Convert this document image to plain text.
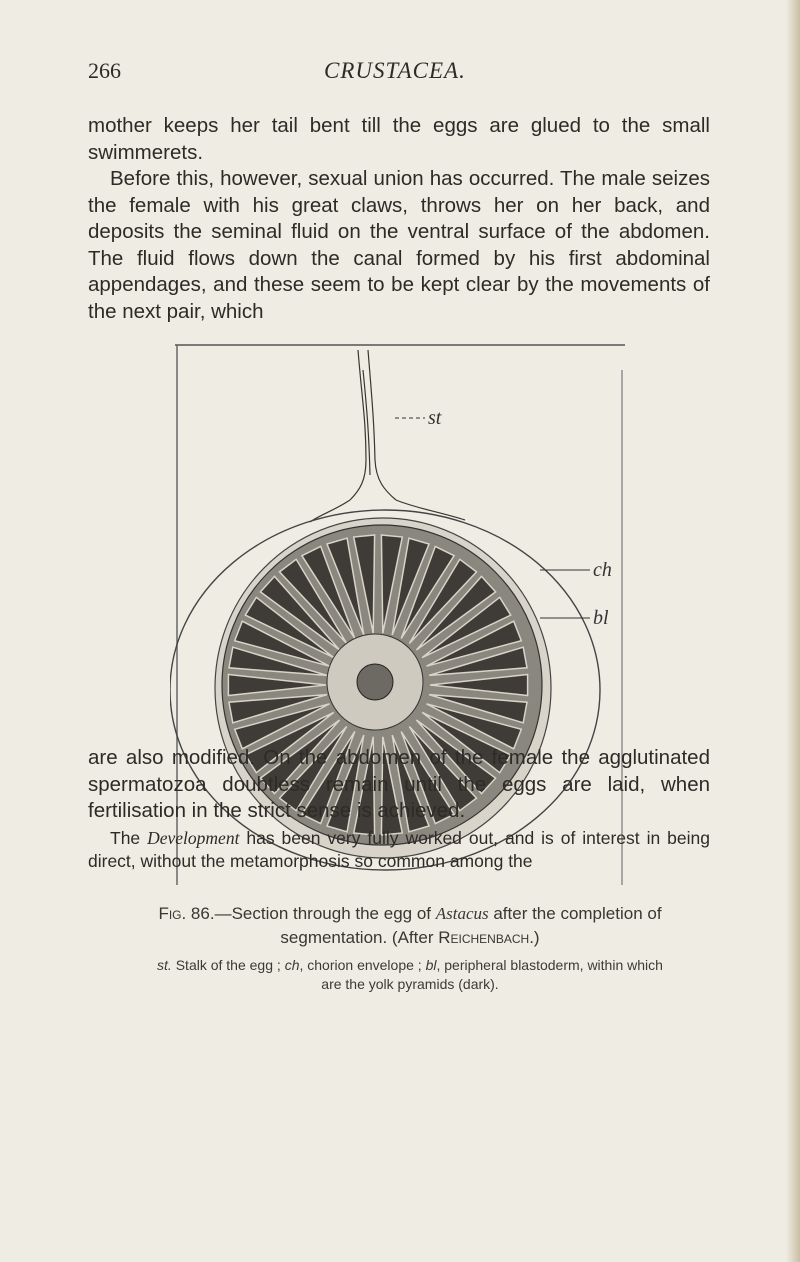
266	CRUSTACEA.

mother keeps her tail bent till the eggs are glued to the small swimmerets.

Before this, however, sexual union has occurred. The male seizes the female with his great claws, throws her on her back, and deposits the seminal fluid on the ventral surface of the abdomen. The fluid flows down the canal formed by his first abdominal appendages, and these seem to be kept clear by the movements of the next pair, which

st
ch
bl

Fig. 86.—Section through the egg of Astacus after the completion of segmentation. (After Reichenbach.)

st. Stalk of the egg ; ch, chorion envelope ; bl, peripheral blastoderm, within which are the yolk pyramids (dark).

are also modified. On the abdomen of the female the agglutinated spermatozoa doubtless remain until the eggs are laid, when fertilisation in the strict sense is achieved.

The Development has been very fully worked out, and is of interest in being direct, without the metamorphosis so common among the
